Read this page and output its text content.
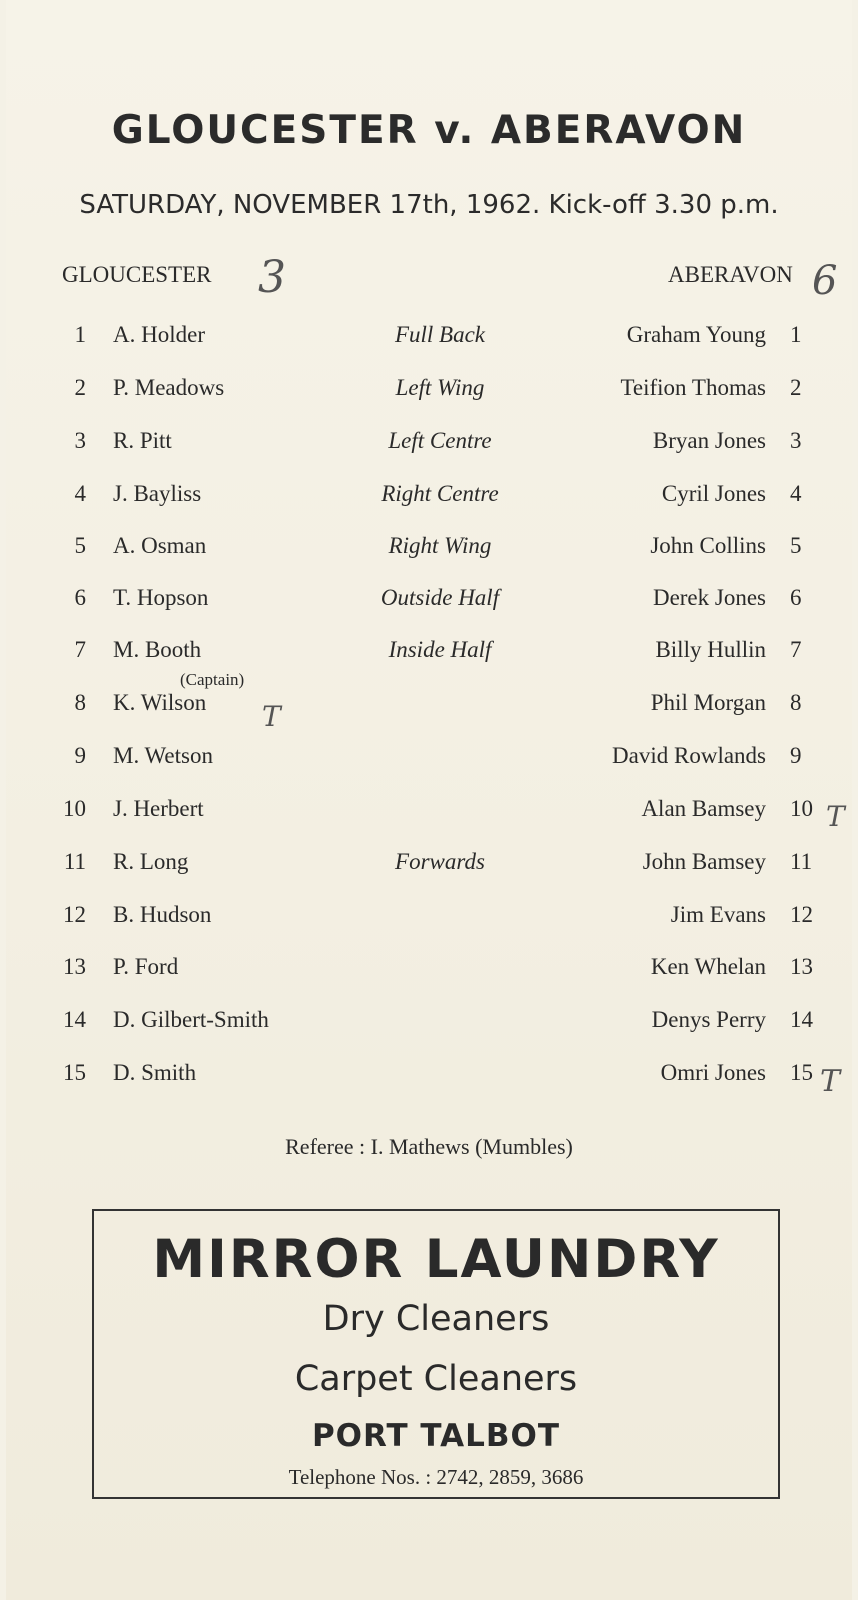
GLOUCESTER v. ABERAVON
SATURDAY, NOVEMBER 17th, 1962. Kick-off 3.30 p.m.
GLOUCESTER 3	ABERAVON 6
1 A. Holder	Full Back	Graham Young 1
2 P. Meadows	Left Wing	Teifion Thomas 2
3 R. Pitt	Left Centre	Bryan Jones 3
4 J. Bayliss	Right Centre	Cyril Jones 4
5 A. Osman	Right Wing	John Collins 5
6 T. Hopson	Outside Half	Derek Jones 6
7 M. Booth	Inside Half	Billy Hullin 7
8 K. Wilson	Phil Morgan 8
9 M. Wetson	David Rowlands 9
10 J. Herbert	Alan Bamsey 10
11 R. Long	Forwards	John Bamsey 11
12 B. Hudson	Jim Evans 12
13 P. Ford	Ken Whelan 13
14 D. Gilbert-Smith	Denys Perry 14
15 D. Smith	Omri Jones 15
(Captain)
T
T
T
Referee : I. Mathews (Mumbles)
MIRROR LAUNDRY
Dry Cleaners
Carpet Cleaners
PORT TALBOT
Telephone Nos. : 2742, 2859, 3686
